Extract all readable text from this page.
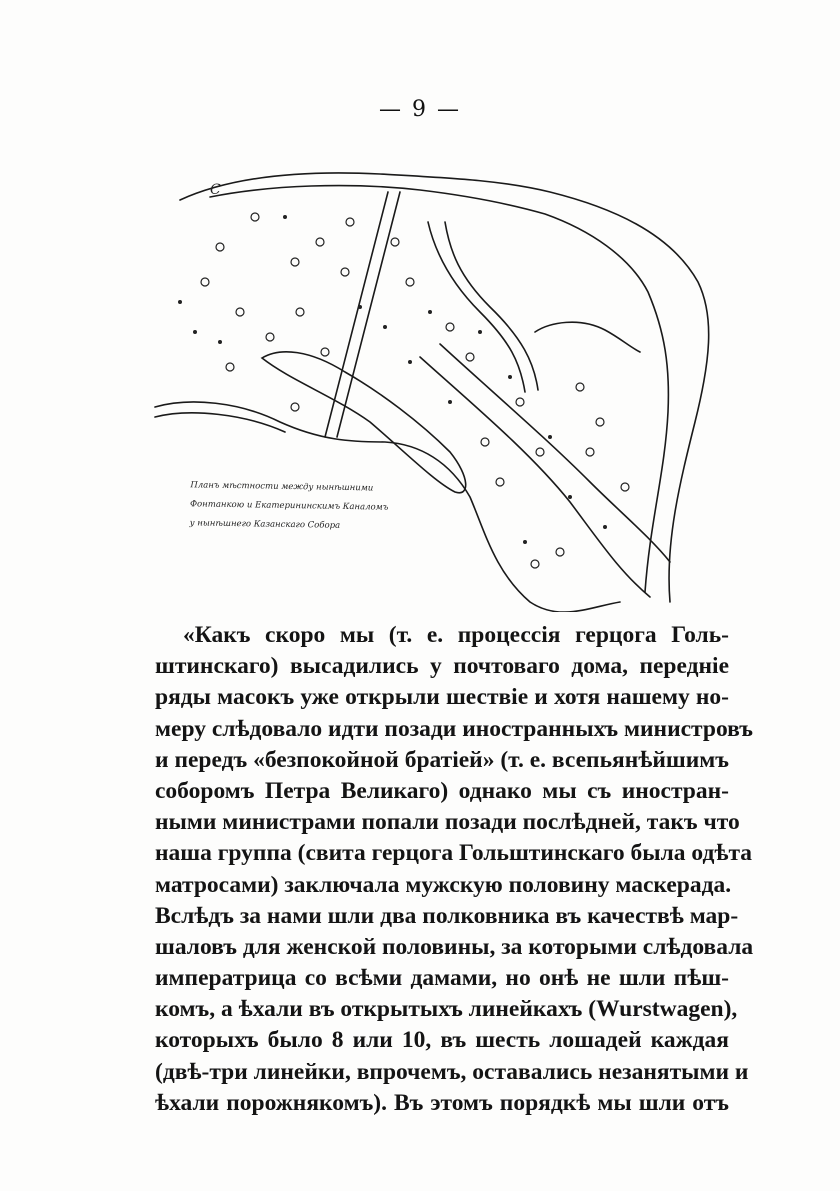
— 9 —
С
Планъ мѣстности между нынѣшними
Фонтанкою и Екатерининскимъ Каналомъ
у нынѣшнего Казанскаго Собора
«Какъ скоро мы (т. е. процессія герцога Голь-
штинскаго) высадились у почтоваго дома, передніе
ряды масокъ уже открыли шествіе и хотя нашему но-
меру слѣдовало идти позади иностранныхъ министровъ
и передъ «безпокойной братіей» (т. е. всепьянѣйшимъ
соборомъ Петра Великаго) однако мы съ иностран-
ными министрами попали позади послѣдней, такъ что
наша группа (свита герцога Гольштинскаго была одѣта
матросами) заключала мужскую половину маскерада.
Вслѣдъ за нами шли два полковника въ качествѣ мар-
шаловъ для женской половины, за которыми слѣдовала
императрица со всѣми дамами, но онѣ не шли пѣш-
комъ, а ѣхали въ открытыхъ линейкахъ (Wurstwagen),
которыхъ было 8 или 10, въ шесть лошадей каждая
(двѣ-три линейки, впрочемъ, оставались незанятыми и
ѣхали порожнякомъ). Въ этомъ порядкѣ мы шли отъ
